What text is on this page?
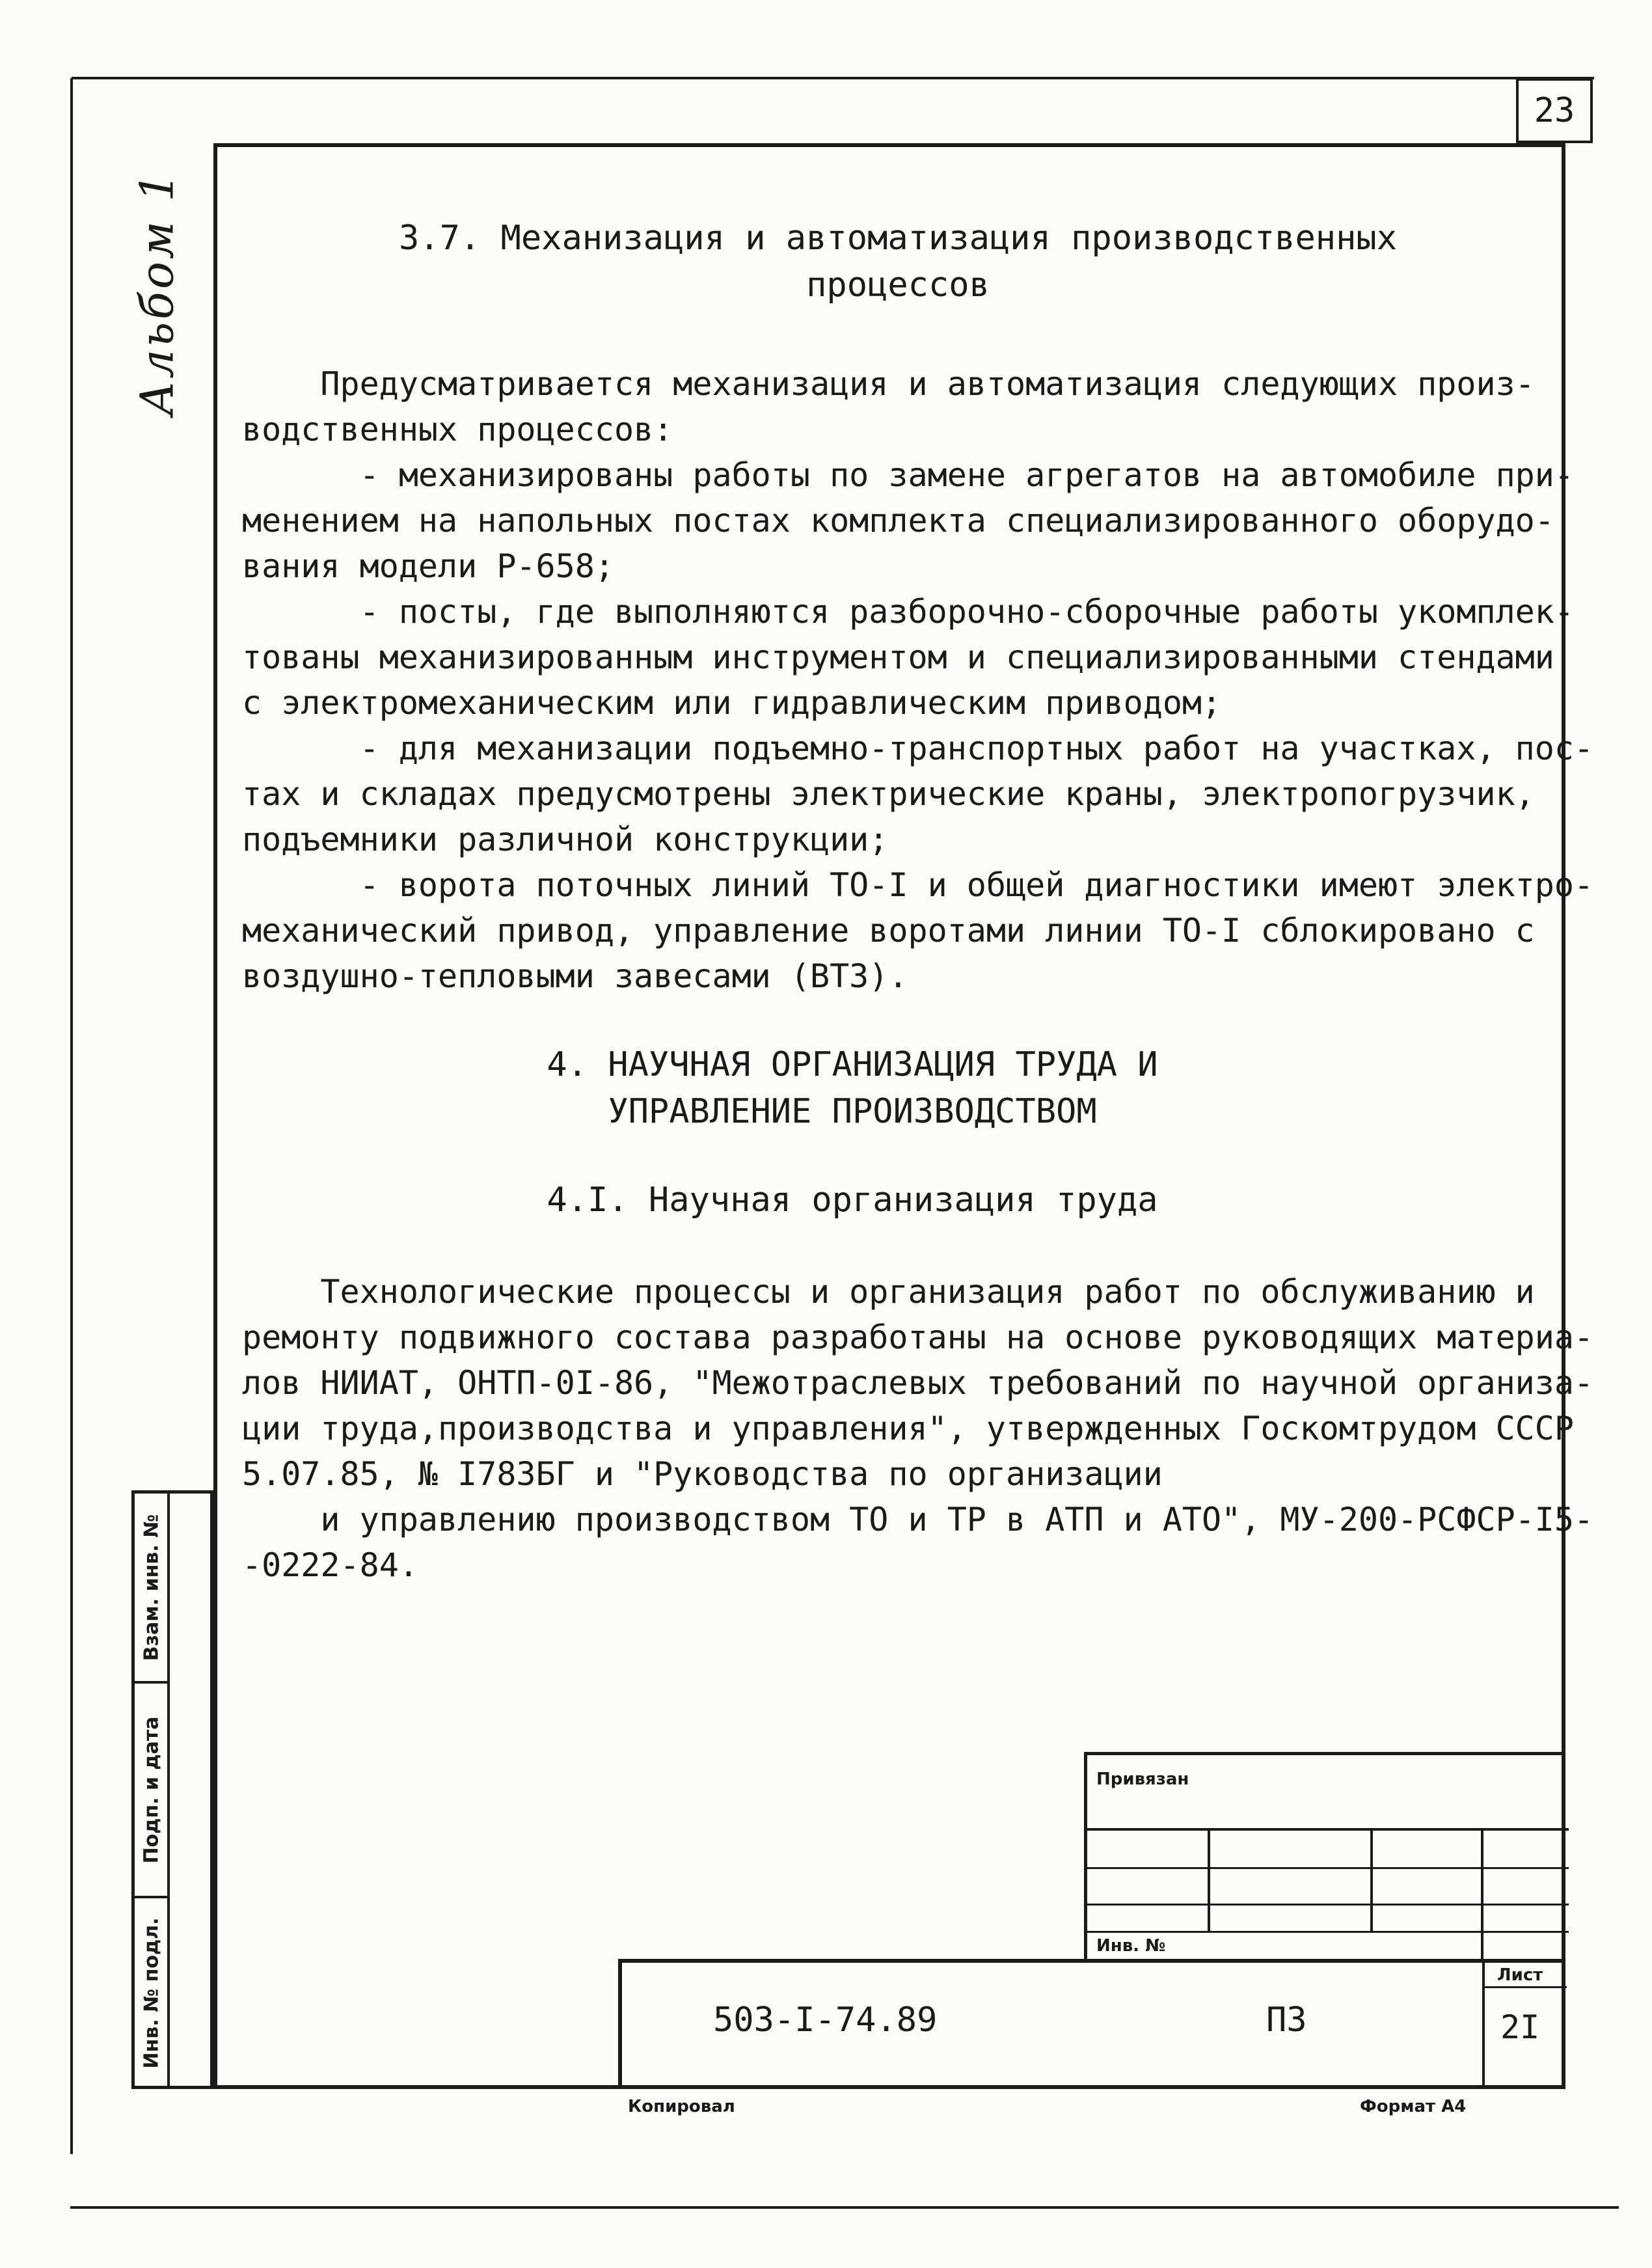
23
Альбом 1
Взам. инв. №
Подп. и дата
Инв. № подл.
3.7. Механизация и автоматизация производственных
процессов
Предусматривается механизация и автоматизация следующих произ-
водственных процессов:
- механизированы работы по замене агрегатов на автомобиле при-
менением на напольных постах комплекта специализированного оборудо-
вания модели Р-658;
- посты, где выполняются разборочно-сборочные работы укомплек-
тованы механизированным инструментом и специализированными стендами
с электромеханическим или гидравлическим приводом;
- для механизации подъемно-транспортных работ на участках, пос-
тах и складах предусмотрены электрические краны, электропогрузчик,
подъемники различной конструкции;
- ворота поточных линий ТО-I и общей диагностики имеют электро-
механический привод, управление воротами линии ТО-I сблокировано с
воздушно-тепловыми завесами (ВТЗ).
4. НАУЧНАЯ ОРГАНИЗАЦИЯ ТРУДА И
УПРАВЛЕНИЕ ПРОИЗВОДСТВОМ
4.I. Научная организация труда
Технологические процессы и организация работ по обслуживанию и
ремонту подвижного состава разработаны на основе руководящих материа-
лов НИИАТ, ОНТП-0I-86, "Межотраслевых требований по научной организа-
ции труда,производства и управления", утвержденных Госкомтрудом СССР
5.07.85, № I783БГ и "Руководства по организации
и управлению производством ТО и ТР в АТП и АТО", МУ-200-РСФСР-I5-
-0222-84.
Привязан
Инв. №
503-I-74.89	ПЗ
Лист
2I
Копировал	Формат А4
